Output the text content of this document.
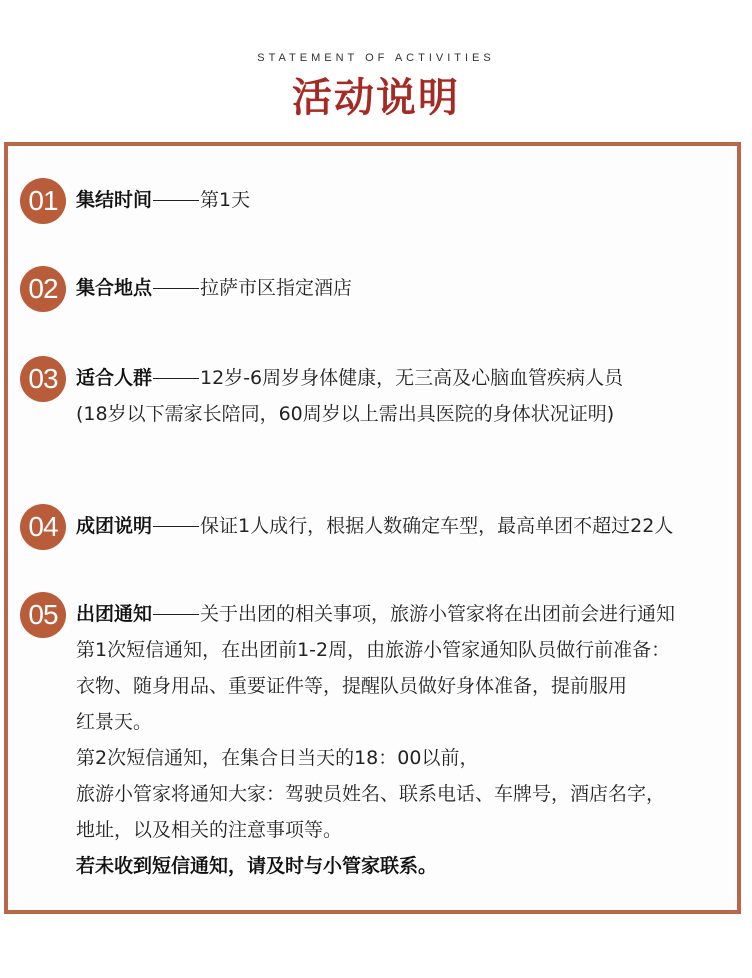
STATEMENT OF ACTIVITIES
活动说明
01 集结时间	第1天
02 集合地点	拉萨市区指定酒店
03 适合人群	12岁-6周岁身体健康，无三高及心脑血管疾病人员
(18岁以下需家长陪同，60周岁以上需出具医院的身体状况证明)
04 成团说明	保证1人成行，根据人数确定车型，最高单团不超过22人
05 出团通知	关于出团的相关事项，旅游小管家将在出团前会进行通知
第1次短信通知，在出团前1-2周，由旅游小管家通知队员做行前准备：
衣物、随身用品、重要证件等，提醒队员做好身体准备，提前服用
红景天。
第2次短信通知，在集合日当天的18：00以前，
旅游小管家将通知大家：驾驶员姓名、联系电话、车牌号，酒店名字，
地址，以及相关的注意事项等。
若未收到短信通知，请及时与小管家联系。
